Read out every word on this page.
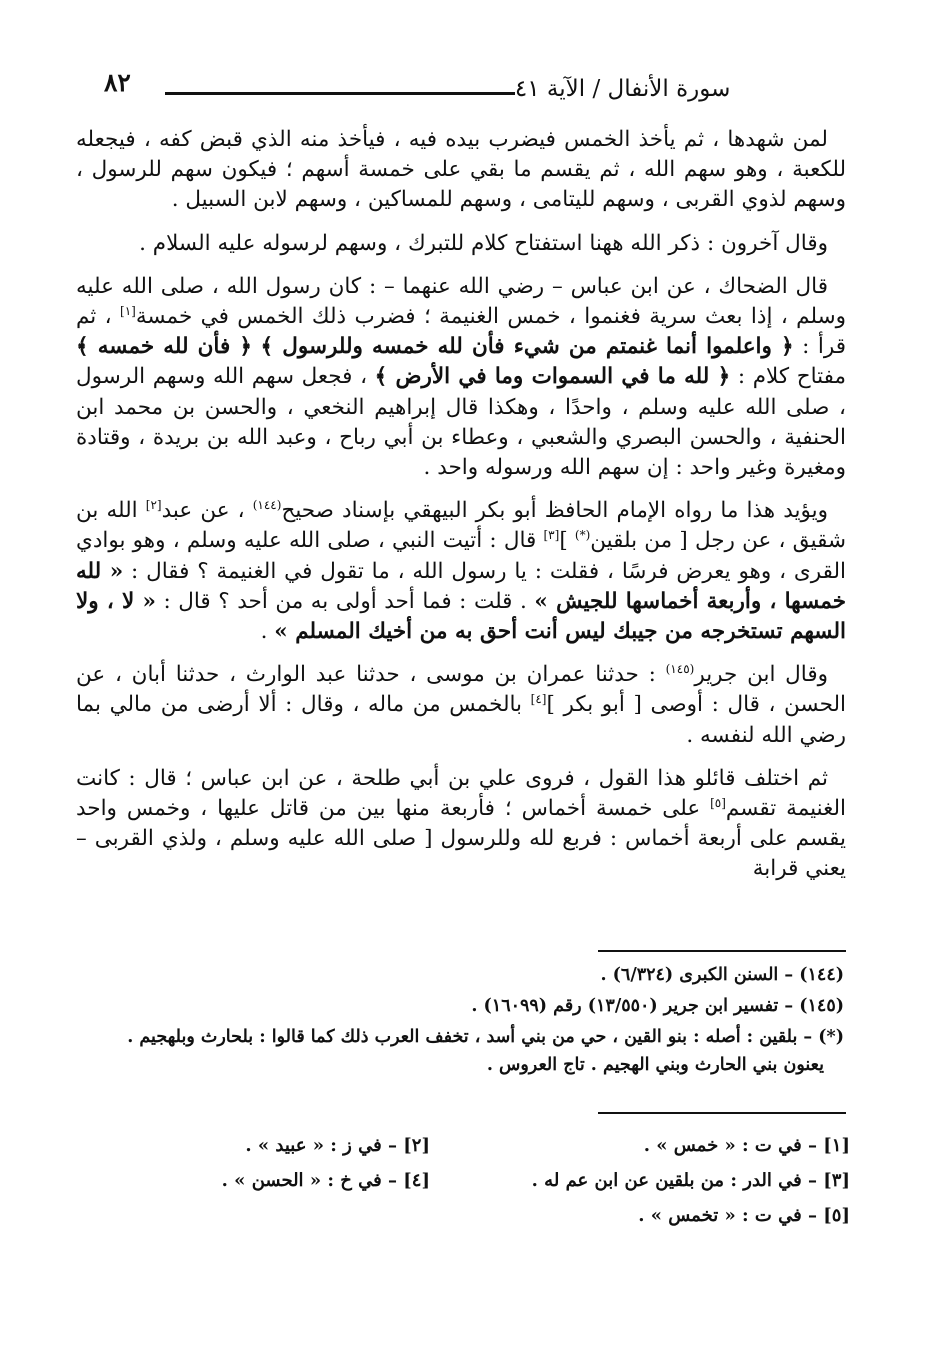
٨٢	سورة الأنفال / الآية ٤١

لمن شهدها ، ثم يأخذ الخمس فيضرب بيده فيه ، فيأخذ منه الذي قبض كفه ، فيجعله للكعبة ، وهو سهم الله ، ثم يقسم ما بقي على خمسة أسهم ؛ فيكون سهم للرسول ، وسهم لذوي القربى ، وسهم لليتامى ، وسهم للمساكين ، وسهم لابن السبيل .

وقال آخرون : ذكر الله ههنا استفتاح كلام للتبرك ، وسهم لرسوله عليه السلام .

قال الضحاك ، عن ابن عباس – رضي الله عنهما – : كان رسول الله ، صلى الله عليه وسلم ، إذا بعث سرية فغنموا ، خمس الغنيمة ؛ فضرب ذلك الخمس في خمسة[١] ، ثم قرأ : ﴿ واعلموا أنما غنمتم من شيء فأن لله خمسه وللرسول ﴾ ﴿ فأن لله خمسه ﴾ مفتاح كلام : ﴿ لله ما في السموات وما في الأرض ﴾ ، فجعل سهم الله وسهم الرسول ، صلى الله عليه وسلم ، واحدًا ، وهكذا قال إبراهيم النخعي ، والحسن بن محمد ابن الحنفية ، والحسن البصري والشعبي ، وعطاء بن أبي رباح ، وعبد الله بن بريدة ، وقتادة ومغيرة وغير واحد : إن سهم الله ورسوله واحد .

ويؤيد هذا ما رواه الإمام الحافظ أبو بكر البيهقي بإسناد صحيح$^{(١٤٤)}$ ، عن عبد[٢] الله بن شقيق ، عن رجل [ من بلقين(*) ][٣] قال : أتيت النبي ، صلى الله عليه وسلم ، وهو بوادي القرى ، وهو يعرض فرسًا ، فقلت : يا رسول الله ، ما تقول في الغنيمة ؟ فقال : « لله خمسها ، وأربعة أخماسها للجيش » . قلت : فما أحد أولى به من أحد ؟ قال : « لا ، ولا السهم تستخرجه من جيبك ليس أنت أحق به من أخيك المسلم » .

وقال ابن جرير$^{(١٤٥)}$ : حدثنا عمران بن موسى ، حدثنا عبد الوارث ، حدثنا أبان ، عن الحسن ، قال : أوصى [ أبو بكر ][٤] بالخمس من ماله ، وقال : ألا أرضى من مالي بما رضي الله لنفسه .

ثم اختلف قائلو هذا القول ، فروى علي بن أبي طلحة ، عن ابن عباس ؛ قال : كانت الغنيمة تقسم[٥] على خمسة أخماس ؛ فأربعة منها بين من قاتل عليها ، وخمس واحد يقسم على أربعة أخماس : فربع لله وللرسول [ صلى الله عليه وسلم ، ولذي القربى – يعني قرابة

(١٤٤) – السنن الكبرى (٦/٣٢٤) .

(١٤٥) – تفسير ابن جرير (١٣/٥٥٠) رقم (١٦٠٩٩) .

(*) – بلقين : أصله : بنو القين ، حي من بني أسد ، تخفف العرب ذلك كما قالوا : بلحارث وبلهجيم .

يعنون بني الحارث وبني الهجيم . تاج العروس .

[١] – في ت : « خمس » .
[٢] – في ز : « عبيد » .
[٣] – في الدر : من بلقين عن ابن عم له .
[٤] – في خ : « الحسن » .
[٥] – في ت : « تخمس » .
